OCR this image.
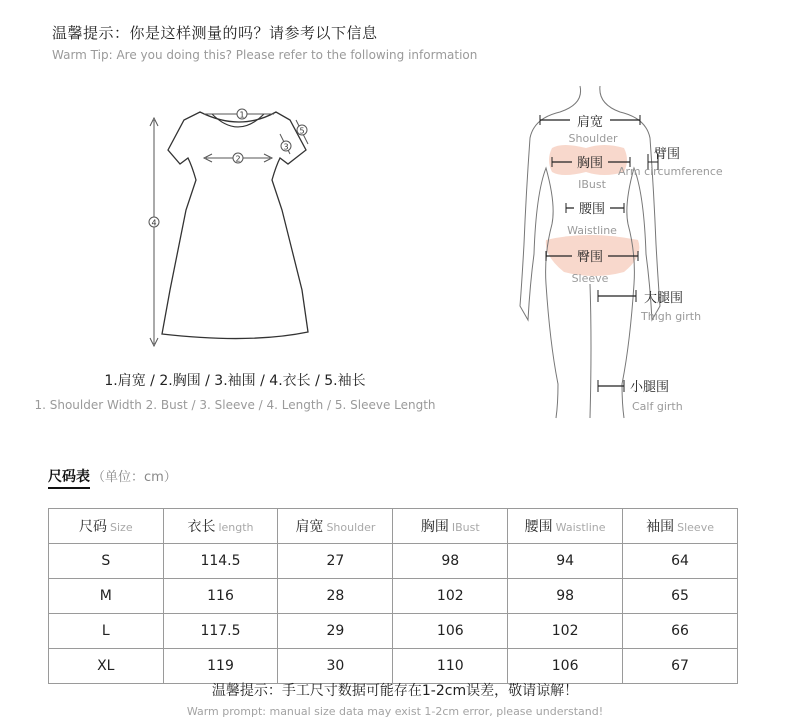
温馨提示：你是这样测量的吗？请参考以下信息
Warm Tip: Are you doing this? Please refer to the following information
1
2
3
4
5
1.肩宽 / 2.胸围 / 3.袖围 / 4.衣长 / 5.袖长
1. Shoulder Width 2. Bust / 3. Sleeve / 4. Length / 5. Sleeve Length
肩宽
Shoulder
胸围
IBust
臂围
Arm circumference
腰围
Waistline
臀围
Sleeve
大腿围
Thigh girth
小腿围
Calf girth
尺码表 （单位：cm）
尺码 Size	衣长 length	肩宽 Shoulder	胸围 IBust	腰围 Waistline	袖围 Sleeve
S	114.5	27	98	94	64
M	116	28	102	98	65
L	117.5	29	106	102	66
XL	119	30	110	106	67
温馨提示：手工尺寸数据可能存在1-2cm误差，敬请谅解！
Warm prompt: manual size data may exist 1-2cm error, please understand!
